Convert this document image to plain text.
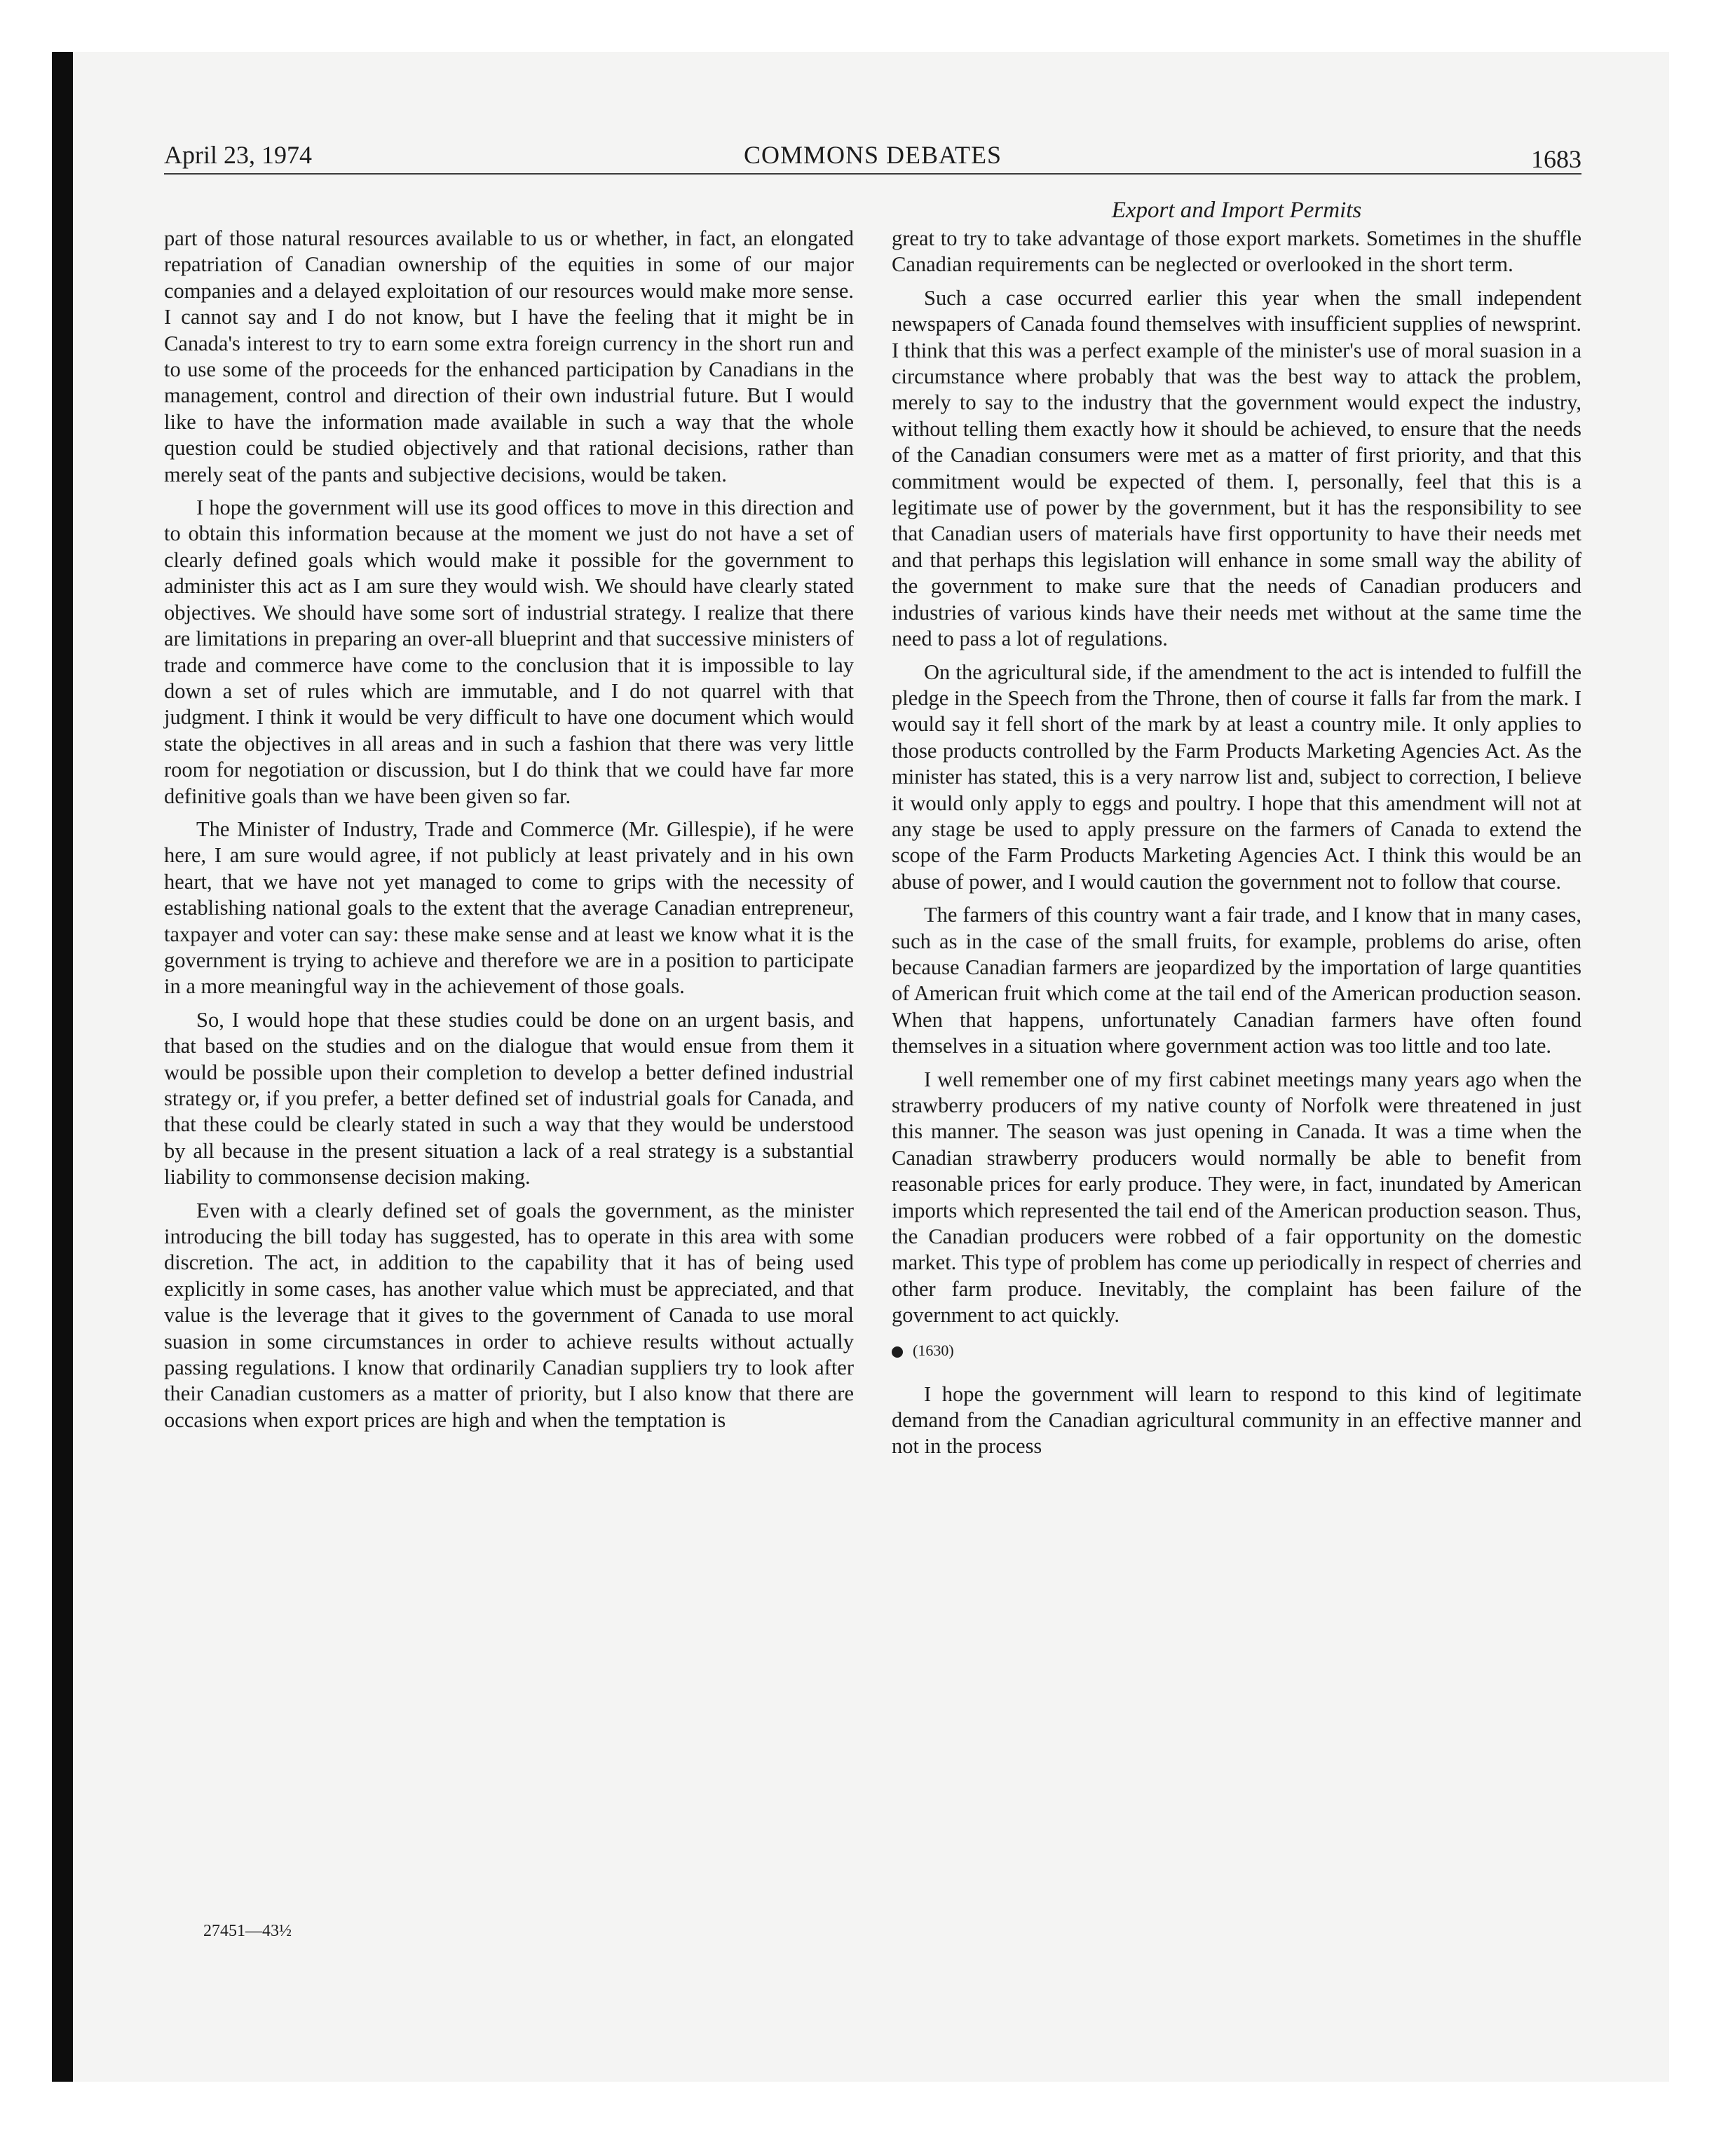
April 23, 1974	COMMONS DEBATES	1683
Export and Import Permits

part of those natural resources available to us or whether, in fact, an elongated repatriation of Canadian ownership of the equities in some of our major companies and a delayed exploitation of our resources would make more sense. I cannot say and I do not know, but I have the feeling that it might be in Canada's interest to try to earn some extra foreign currency in the short run and to use some of the proceeds for the enhanced participation by Canadians in the management, control and direction of their own industrial future. But I would like to have the information made available in such a way that the whole question could be studied objectively and that rational decisions, rather than merely seat of the pants and subjective decisions, would be taken.

I hope the government will use its good offices to move in this direction and to obtain this information because at the moment we just do not have a set of clearly defined goals which would make it possible for the government to administer this act as I am sure they would wish. We should have clearly stated objectives. We should have some sort of industrial strategy. I realize that there are limitations in preparing an over-all blueprint and that successive ministers of trade and commerce have come to the conclusion that it is impossible to lay down a set of rules which are immutable, and I do not quarrel with that judgment. I think it would be very difficult to have one document which would state the objectives in all areas and in such a fashion that there was very little room for negotiation or discussion, but I do think that we could have far more definitive goals than we have been given so far.

The Minister of Industry, Trade and Commerce (Mr. Gillespie), if he were here, I am sure would agree, if not publicly at least privately and in his own heart, that we have not yet managed to come to grips with the necessity of establishing national goals to the extent that the average Canadian entrepreneur, taxpayer and voter can say: these make sense and at least we know what it is the government is trying to achieve and therefore we are in a position to participate in a more meaningful way in the achievement of those goals.

So, I would hope that these studies could be done on an urgent basis, and that based on the studies and on the dialogue that would ensue from them it would be possible upon their completion to develop a better defined industrial strategy or, if you prefer, a better defined set of industrial goals for Canada, and that these could be clearly stated in such a way that they would be understood by all because in the present situation a lack of a real strategy is a substantial liability to commonsense decision making.

Even with a clearly defined set of goals the government, as the minister introducing the bill today has suggested, has to operate in this area with some discretion. The act, in addition to the capability that it has of being used explicitly in some cases, has another value which must be appreciated, and that value is the leverage that it gives to the government of Canada to use moral suasion in some circumstances in order to achieve results without actually passing regulations. I know that ordinarily Canadian suppliers try to look after their Canadian customers as a matter of priority, but I also know that there are occasions when export prices are high and when the temptation is

great to try to take advantage of those export markets. Sometimes in the shuffle Canadian requirements can be neglected or overlooked in the short term.

Such a case occurred earlier this year when the small independent newspapers of Canada found themselves with insufficient supplies of newsprint. I think that this was a perfect example of the minister's use of moral suasion in a circumstance where probably that was the best way to attack the problem, merely to say to the industry that the government would expect the industry, without telling them exactly how it should be achieved, to ensure that the needs of the Canadian consumers were met as a matter of first priority, and that this commitment would be expected of them. I, personally, feel that this is a legitimate use of power by the government, but it has the responsibility to see that Canadian users of materials have first opportunity to have their needs met and that perhaps this legislation will enhance in some small way the ability of the government to make sure that the needs of Canadian producers and industries of various kinds have their needs met without at the same time the need to pass a lot of regulations.

On the agricultural side, if the amendment to the act is intended to fulfill the pledge in the Speech from the Throne, then of course it falls far from the mark. I would say it fell short of the mark by at least a country mile. It only applies to those products controlled by the Farm Products Marketing Agencies Act. As the minister has stated, this is a very narrow list and, subject to correction, I believe it would only apply to eggs and poultry. I hope that this amendment will not at any stage be used to apply pressure on the farmers of Canada to extend the scope of the Farm Products Marketing Agencies Act. I think this would be an abuse of power, and I would caution the government not to follow that course.

The farmers of this country want a fair trade, and I know that in many cases, such as in the case of the small fruits, for example, problems do arise, often because Canadian farmers are jeopardized by the importation of large quantities of American fruit which come at the tail end of the American production season. When that happens, unfortunately Canadian farmers have often found themselves in a situation where government action was too little and too late.

I well remember one of my first cabinet meetings many years ago when the strawberry producers of my native county of Norfolk were threatened in just this manner. The season was just opening in Canada. It was a time when the Canadian strawberry producers would normally be able to benefit from reasonable prices for early produce. They were, in fact, inundated by American imports which represented the tail end of the American production season. Thus, the Canadian producers were robbed of a fair opportunity on the domestic market. This type of problem has come up periodically in respect of cherries and other farm produce. Inevitably, the complaint has been failure of the government to act quickly.

(1630)

I hope the government will learn to respond to this kind of legitimate demand from the Canadian agricultural community in an effective manner and not in the process

27451—43½
